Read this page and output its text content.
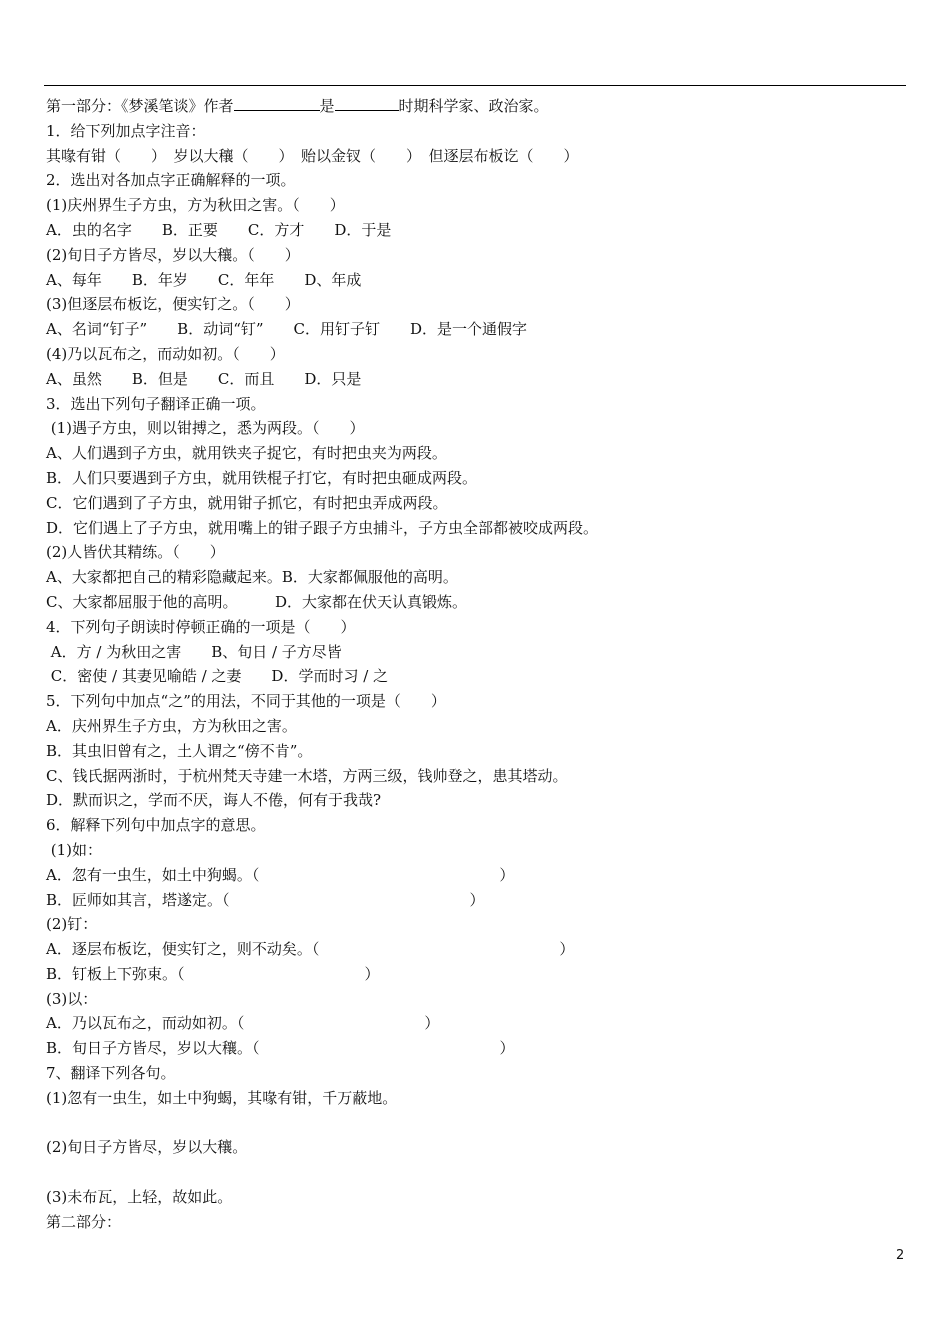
第一部分：《梦溪笔谈》作者	是	时期科学家、政治家。
1．给下列加点字注音：
其喙有钳（　　）　岁以大穰（　　）　贻以金钗（　　）　但逐层布板讫（　　）
2．选出对各加点字正确解释的一项。
(1)庆州界生子方虫，方为秋田之害。（　　）
A．虫的名字　　B．正要　　C．方才　　D．于是
(2)旬日子方皆尽，岁以大穰。（　　）
A、每年　　B．年岁　　C．年年　　D、年成
(3)但逐层布板讫，便实钉之。（　　）
A、名词“钉子”　　B．动词“钉”　　C．用钉子钉　　D．是一个通假字
(4)乃以瓦布之，而动如初。（　　）
A、虽然　　B．但是　　C．而且　　D．只是
3．选出下列句子翻译正确一项。
(1)遇子方虫，则以钳搏之，悉为两段。（　　）
A、人们遇到子方虫，就用铁夹子捉它，有时把虫夹为两段。
B．人们只要遇到子方虫，就用铁棍子打它，有时把虫砸成两段。
C．它们遇到了子方虫，就用钳子抓它，有时把虫弄成两段。
D．它们遇上了子方虫，就用嘴上的钳子跟子方虫捕斗，子方虫全部都被咬成两段。
(2)人皆伏其精练。（　　）
A、大家都把自己的精彩隐藏起来。B．大家都佩服他的高明。
C、大家都屈服于他的高明。　　　D．大家都在伏天认真锻炼。
4．下列句子朗读时停顿正确的一项是（　　）
A．方 / 为秋田之害　　B、旬日 / 子方尽皆
C．密使 / 其妻见喻皓 / 之妻　　D．学而时习 / 之
5．下列句中加点“之”的用法，不同于其他的一项是（　　）
A．庆州界生子方虫，方为秋田之害。
B．其虫旧曾有之，土人谓之“傍不肯”。
C、钱氏据两浙时，于杭州梵天寺建一木塔，方两三级，钱帅登之，患其塔动。
D．默而识之，学而不厌，诲人不倦，何有于我哉?
6．解释下列句中加点字的意思。
(1)如：
A．忽有一虫生，如土中狗蝎。（　　　　　　　　　　　　　　　　）
B．匠师如其言，塔遂定。（　　　　　　　　　　　　　　　　）
(2)钉：
A．逐层布板讫，便实钉之，则不动矣。（　　　　　　　　　　　　　　　　）
B．钉板上下弥束。（　　　　　　　　　　　　）
(3)以：
A．乃以瓦布之，而动如初。（　　　　　　　　　　　　）
B．旬日子方皆尽，岁以大穰。（　　　　　　　　　　　　　　　　）
7、翻译下列各句。
(1)忽有一虫生，如土中狗蝎，其喙有钳，千万蔽地。
(2)旬日子方皆尽，岁以大穰。
(3)未布瓦，上轻，故如此。
第二部分：
2
